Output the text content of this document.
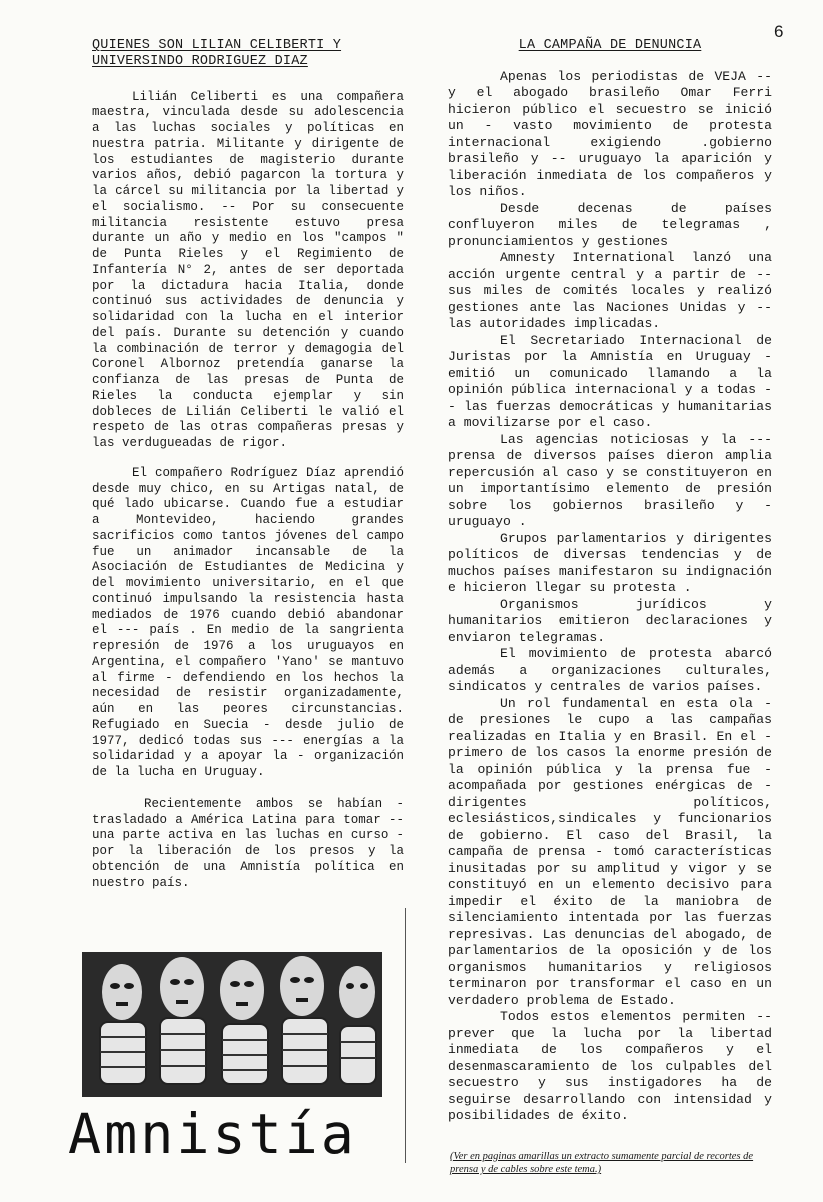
6
QUIENES SON LILIAN CELIBERTI Y UNIVERSINDO RODRIGUEZ DIAZ

Lilián Celiberti es una compañera maestra, vinculada desde su adolescencia a las luchas sociales y políticas en nuestra patria. Militante y dirigente de los estudiantes de magisterio durante varios años, debió pagarcon la tortura y la cárcel su militancia por la libertad y el socialismo. -- Por su consecuente militancia resistente estuvo presa durante un año y medio en los "campos " de Punta Rieles y el Regimiento de Infantería N° 2, antes de ser deportada por la dictadura hacia Italia, donde continuó sus actividades de denuncia y solidaridad con la lucha en el interior del país. Durante su detención y cuando la combinación de terror y demagogia del Coronel Albornoz pretendía ganarse la confianza de las presas de Punta de Rieles la conducta ejemplar y sin dobleces de Lilián Celiberti le valió el respeto de las otras compañeras presas y las verdugueadas de rigor.

El compañero Rodríguez Díaz aprendió desde muy chico, en su Artigas natal, de qué lado ubicarse. Cuando fue a estudiar a Montevideo, haciendo grandes sacrificios como tantos jóvenes del campo fue un animador incansable de la Asociación de Estudiantes de Medicina y del movimiento universitario, en el que continuó impulsando la resistencia hasta mediados de 1976 cuando debió abandonar el --- país . En medio de la sangrienta represión de 1976 a los uruguayos en Argentina, el compañero 'Yano' se mantuvo al firme - defendiendo en los hechos la necesidad de resistir organizadamente, aún en las peores circunstancias. Refugiado en Suecia - desde julio de 1977, dedicó todas sus --- energías a la solidaridad y a apoyar la - organización de la lucha en Uruguay.

Recientemente ambos se habían - trasladado a América Latina para tomar -- una parte activa en las luchas en curso - por la liberación de los presos y la obtención de una Amnistía política en nuestro país.

Amnistía
LA CAMPAÑA DE DENUNCIA

Apenas los periodistas de VEJA -- y el abogado brasileño Omar Ferri hicieron público el secuestro se inició un - vasto movimiento de protesta internacional exigiendo .gobierno brasileño y -- uruguayo la aparición y liberación inmediata de los compañeros y los niños.

Desde decenas de países confluyeron miles de telegramas , pronunciamientos y gestiones

Amnesty International lanzó una acción urgente central y a partir de -- sus miles de comités locales y realizó gestiones ante las Naciones Unidas y -- las autoridades implicadas.

El Secretariado Internacional de Juristas por la Amnistía en Uruguay - emitió un comunicado llamando a la opinión pública internacional y a todas -- las fuerzas democráticas y humanitarias a movilizarse por el caso.

Las agencias noticiosas y la --- prensa de diversos países dieron amplia repercusión al caso y se constituyeron en un importantísimo elemento de presión sobre los gobiernos brasileño y - uruguayo .

Grupos parlamentarios y dirigentes políticos de diversas tendencias y de muchos países manifestaron su indignación e hicieron llegar su protesta .

Organismos jurídicos y humanitarios emitieron declaraciones y enviaron telegramas.

El movimiento de protesta abarcó además a organizaciones culturales, sindicatos y centrales de varios países.

Un rol fundamental en esta ola - de presiones le cupo a las campañas realizadas en Italia y en Brasil. En el - primero de los casos la enorme presión de la opinión pública y la prensa fue - acompañada por gestiones enérgicas de - dirigentes políticos, eclesiásticos,sindicales y funcionarios de gobierno. El caso del Brasil, la campaña de prensa - tomó características inusitadas por su amplitud y vigor y se constituyó en un elemento decisivo para impedir el éxito de la maniobra de silenciamiento intentada por las fuerzas represivas. Las denuncias del abogado, de parlamentarios de la oposición y de los organismos humanitarios y religiosos terminaron por transformar el caso en un verdadero problema de Estado.

Todos estos elementos permiten -- prever que la lucha por la libertad inmediata de los compañeros y el desenmascaramiento de los culpables del secuestro y sus instigadores ha de seguirse desarrollando con intensidad y posibilidades de éxito.

(Ver en paginas amarillas un extracto sumamente parcial de recortes de prensa y de cables sobre este tema.)
